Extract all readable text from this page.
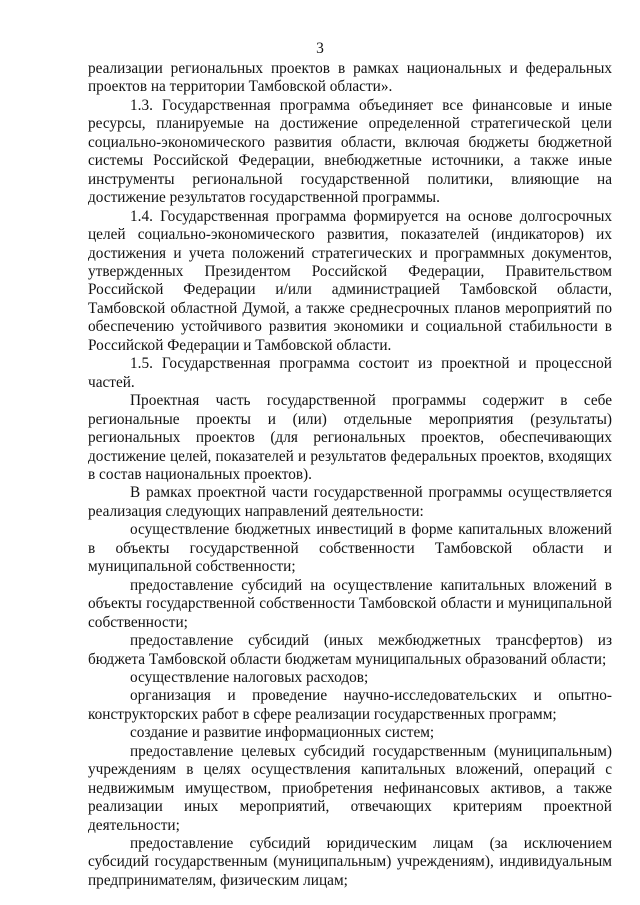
3

реализации региональных проектов в рамках национальных и федеральных проектов на территории Тамбовской области».

1.3. Государственная программа объединяет все финансовые и иные ресурсы, планируемые на достижение определенной стратегической цели социально-экономического развития области, включая бюджеты бюджетной системы Российской Федерации, внебюджетные источники, а также иные инструменты региональной государственной политики, влияющие на достижение результатов государственной программы.

1.4. Государственная программа формируется на основе долгосрочных целей социально-экономического развития, показателей (индикаторов) их достижения и учета положений стратегических и программных документов, утвержденных Президентом Российской Федерации, Правительством Российской Федерации и/или администрацией Тамбовской области, Тамбовской областной Думой, а также среднесрочных планов мероприятий по обеспечению устойчивого развития экономики и социальной стабильности в Российской Федерации и Тамбовской области.

1.5. Государственная программа состоит из проектной и процессной частей.

Проектная часть государственной программы содержит в себе региональные проекты и (или) отдельные мероприятия (результаты) региональных проектов (для региональных проектов, обеспечивающих достижение целей, показателей и результатов федеральных проектов, входящих в состав национальных проектов).

В рамках проектной части государственной программы осуществляется реализация следующих направлений деятельности:

осуществление бюджетных инвестиций в форме капитальных вложений в объекты государственной собственности Тамбовской области и муниципальной собственности;

предоставление субсидий на осуществление капитальных вложений в объекты государственной собственности Тамбовской области и муниципальной собственности;

предоставление субсидий (иных межбюджетных трансфертов) из бюджета Тамбовской области бюджетам муниципальных образований области;

осуществление налоговых расходов;

организация и проведение научно-исследовательских и опытно-конструкторских работ в сфере реализации государственных программ;

создание и развитие информационных систем;

предоставление целевых субсидий государственным (муниципальным) учреждениям в целях осуществления капитальных вложений, операций с недвижимым имуществом, приобретения нефинансовых активов, а также реализации иных мероприятий, отвечающих критериям проектной деятельности;

предоставление субсидий юридическим лицам (за исключением субсидий государственным (муниципальным) учреждениям), индивидуальным предпринимателям, физическим лицам;
